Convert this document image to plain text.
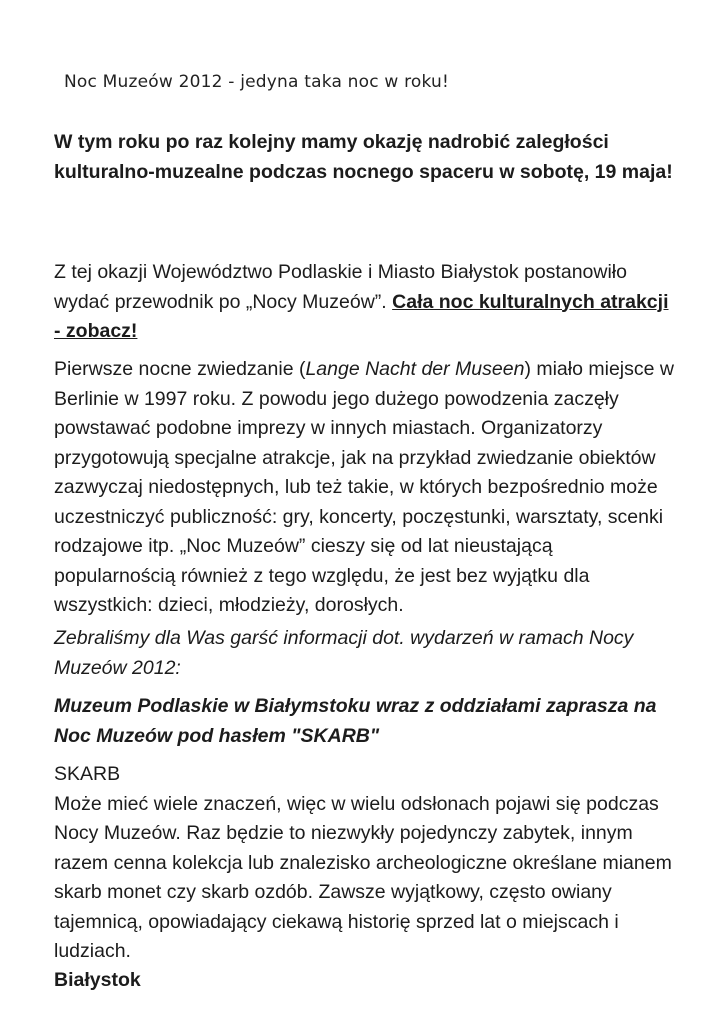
Noc Muzeów 2012 - jedyna taka noc w roku!
W tym roku po raz kolejny mamy okazję nadrobić zaległości kulturalno-muzealne podczas nocnego spaceru w sobotę, 19 maja!
Z tej okazji Województwo Podlaskie i Miasto Białystok postanowiło wydać przewodnik po „Nocy Muzeów”. Cała noc kulturalnych atrakcji - zobacz!
Pierwsze nocne zwiedzanie (Lange Nacht der Museen) miało miejsce w Berlinie w 1997 roku. Z powodu jego dużego powodzenia zaczęły powstawać podobne imprezy w innych miastach. Organizatorzy przygotowują specjalne atrakcje, jak na przykład zwiedzanie obiektów zazwyczaj niedostępnych, lub też takie, w których bezpośrednio może uczestniczyć publiczność: gry, koncerty, poczęstunki, warsztaty, scenki rodzajowe itp. „Noc Muzeów” cieszy się od lat nieustającą popularnością również z tego względu, że jest bez wyjątku dla wszystkich: dzieci, młodzieży, dorosłych.
Zebraliśmy dla Was garść informacji dot. wydarzeń w ramach Nocy Muzeów 2012:
Muzeum Podlaskie w Białymstoku wraz z oddziałami zaprasza na Noc Muzeów pod hasłem "SKARB"
SKARB
Może mieć wiele znaczeń, więc w wielu odsłonach pojawi się podczas Nocy Muzeów. Raz będzie to niezwykły pojedynczy zabytek, innym razem cenna kolekcja lub znalezisko archeologiczne określane mianem skarb monet czy skarb ozdób. Zawsze wyjątkowy, często owiany tajemnicą, opowiadający ciekawą historię sprzed lat o miejscach i ludziach.
Białystok
